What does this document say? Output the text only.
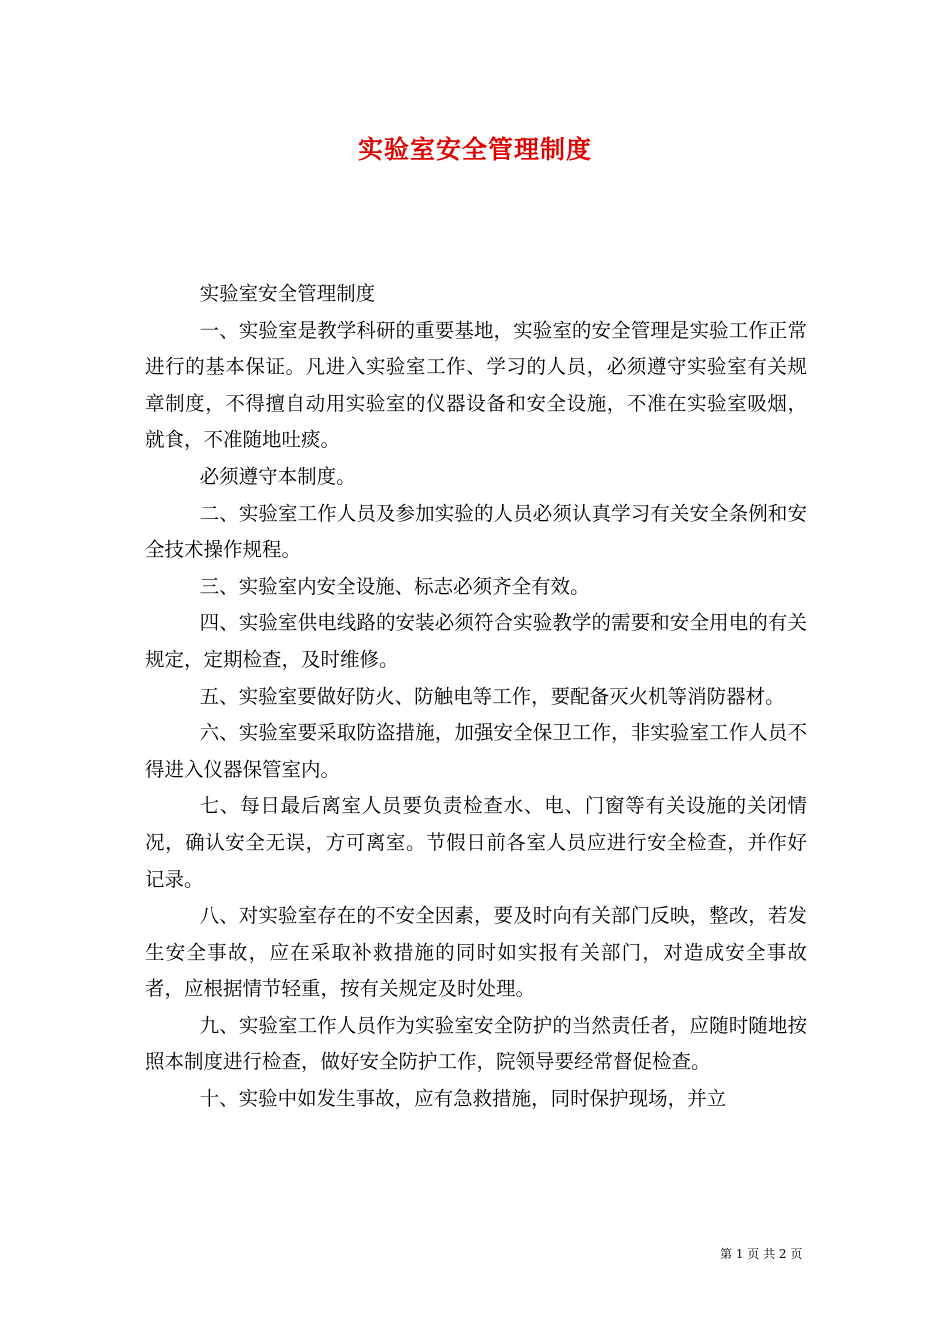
实验室安全管理制度

实验室安全管理制度

一、实验室是教学科研的重要基地，实验室的安全管理是实验工作正常进行的基本保证。凡进入实验室工作、学习的人员，必须遵守实验室有关规章制度，不得擅自动用实验室的仪器设备和安全设施，不准在实验室吸烟，就食，不准随地吐痰。

必须遵守本制度。

二、实验室工作人员及参加实验的人员必须认真学习有关安全条例和安全技术操作规程。

三、实验室内安全设施、标志必须齐全有效。

四、实验室供电线路的安装必须符合实验教学的需要和安全用电的有关规定，定期检查，及时维修。

五、实验室要做好防火、防触电等工作，要配备灭火机等消防器材。

六、实验室要采取防盗措施，加强安全保卫工作，非实验室工作人员不得进入仪器保管室内。

七、每日最后离室人员要负责检查水、电、门窗等有关设施的关闭情况，确认安全无误，方可离室。节假日前各室人员应进行安全检查，并作好记录。

八、对实验室存在的不安全因素，要及时向有关部门反映，整改，若发生安全事故，应在采取补救措施的同时如实报有关部门，对造成安全事故者，应根据情节轻重，按有关规定及时处理。

九、实验室工作人员作为实验室安全防护的当然责任者，应随时随地按照本制度进行检查，做好安全防护工作，院领导要经常督促检查。

十、实验中如发生事故，应有急救措施，同时保护现场，并立

第 1 页 共 2 页
